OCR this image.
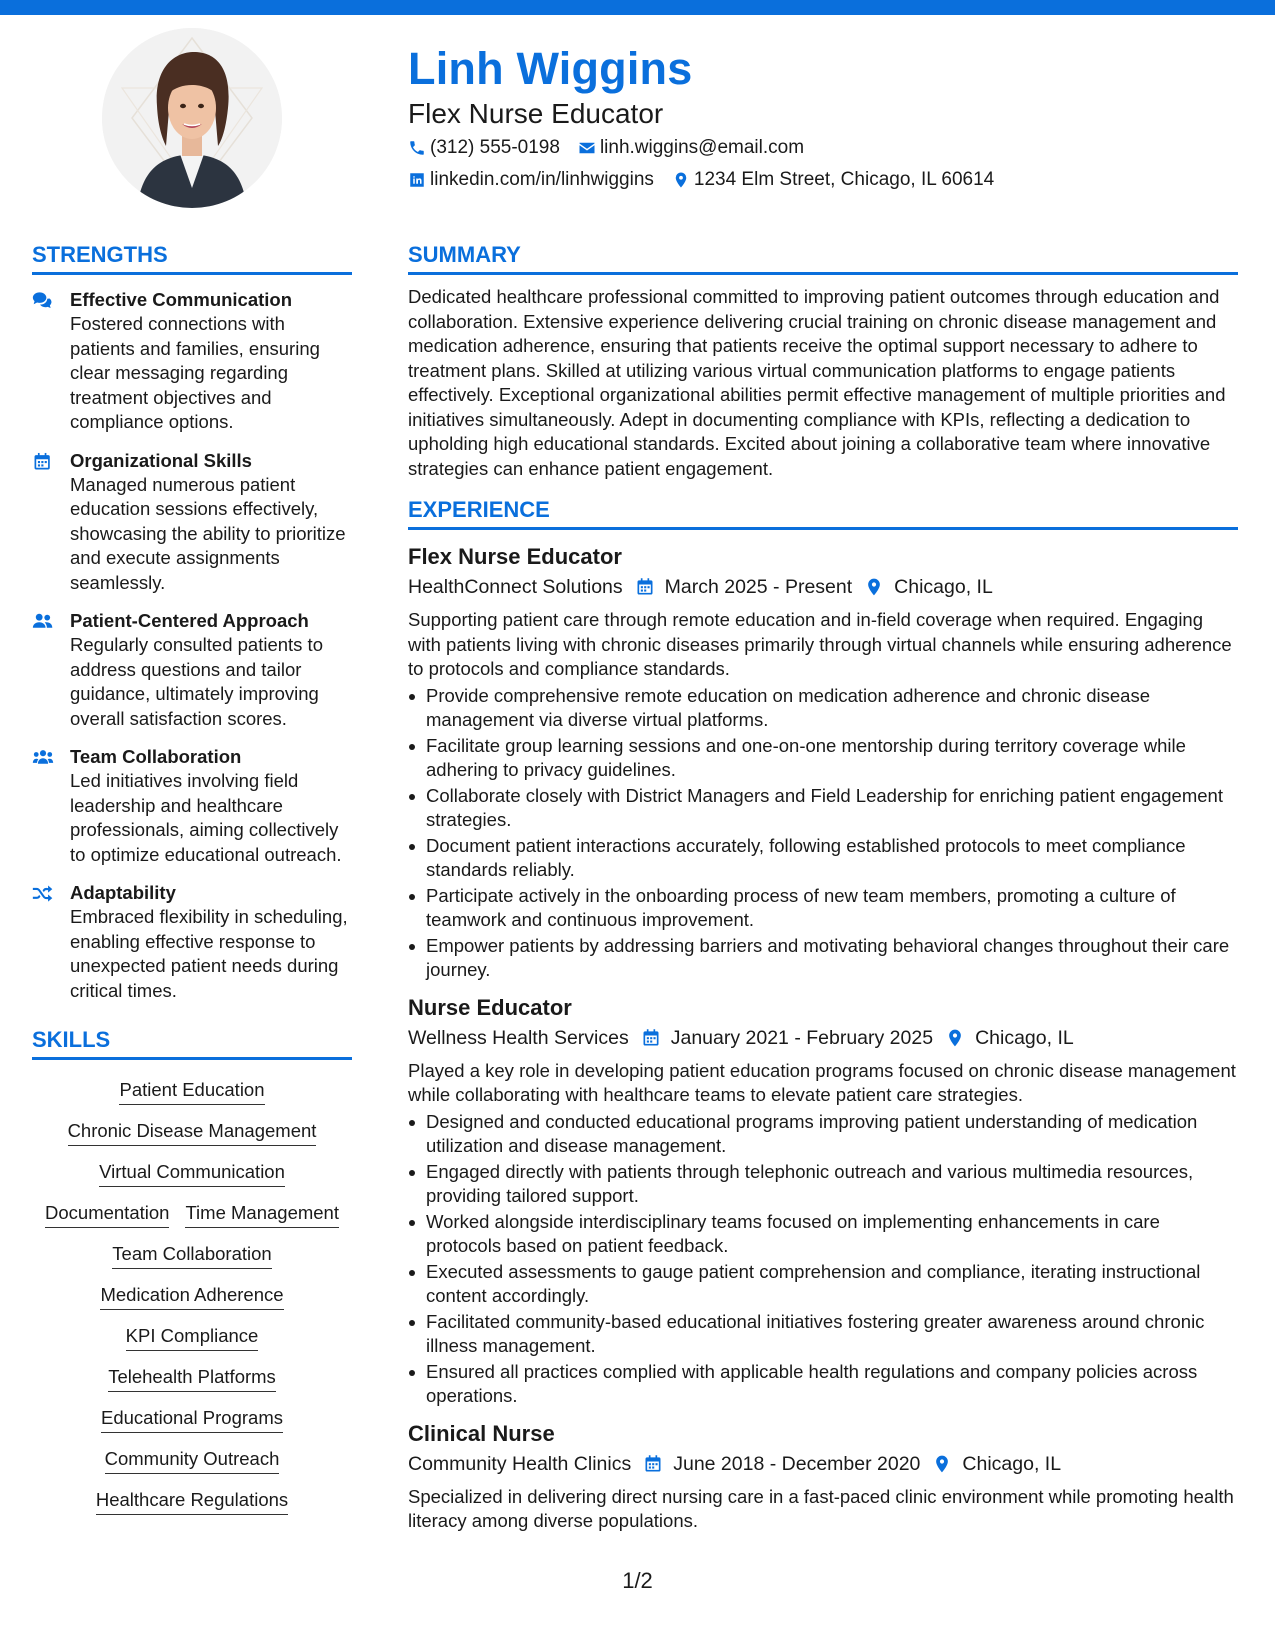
Linh Wiggins
Flex Nurse Educator
(312) 555-0198 linh.wiggins@email.com
linkedin.com/in/linhwiggins 1234 Elm Street, Chicago, IL 60614
STRENGTHS
Effective Communication
Fostered connections with patients and families, ensuring clear messaging regarding treatment objectives and compliance options.
Organizational Skills
Managed numerous patient education sessions effectively, showcasing the ability to prioritize and execute assignments seamlessly.
Patient-Centered Approach
Regularly consulted patients to address questions and tailor guidance, ultimately improving overall satisfaction scores.
Team Collaboration
Led initiatives involving field leadership and healthcare professionals, aiming collectively to optimize educational outreach.
Adaptability
Embraced flexibility in scheduling, enabling effective response to unexpected patient needs during critical times.
SKILLS
Patient Education
Chronic Disease Management
Virtual Communication
Documentation Time Management
Team Collaboration
Medication Adherence
KPI Compliance
Telehealth Platforms
Educational Programs
Community Outreach
Healthcare Regulations
SUMMARY
Dedicated healthcare professional committed to improving patient outcomes through education and collaboration. Extensive experience delivering crucial training on chronic disease management and medication adherence, ensuring that patients receive the optimal support necessary to adhere to treatment plans. Skilled at utilizing various virtual communication platforms to engage patients effectively. Exceptional organizational abilities permit effective management of multiple priorities and initiatives simultaneously. Adept in documenting compliance with KPIs, reflecting a dedication to upholding high educational standards. Excited about joining a collaborative team where innovative strategies can enhance patient engagement.
EXPERIENCE
Flex Nurse Educator
HealthConnect Solutions March 2025 - Present Chicago, IL
Supporting patient care through remote education and in-field coverage when required. Engaging with patients living with chronic diseases primarily through virtual channels while ensuring adherence to protocols and compliance standards.
Provide comprehensive remote education on medication adherence and chronic disease management via diverse virtual platforms.
Facilitate group learning sessions and one-on-one mentorship during territory coverage while adhering to privacy guidelines.
Collaborate closely with District Managers and Field Leadership for enriching patient engagement strategies.
Document patient interactions accurately, following established protocols to meet compliance standards reliably.
Participate actively in the onboarding process of new team members, promoting a culture of teamwork and continuous improvement.
Empower patients by addressing barriers and motivating behavioral changes throughout their care journey.
Nurse Educator
Wellness Health Services January 2021 - February 2025 Chicago, IL
Played a key role in developing patient education programs focused on chronic disease management while collaborating with healthcare teams to elevate patient care strategies.
Designed and conducted educational programs improving patient understanding of medication utilization and disease management.
Engaged directly with patients through telephonic outreach and various multimedia resources, providing tailored support.
Worked alongside interdisciplinary teams focused on implementing enhancements in care protocols based on patient feedback.
Executed assessments to gauge patient comprehension and compliance, iterating instructional content accordingly.
Facilitated community-based educational initiatives fostering greater awareness around chronic illness management.
Ensured all practices complied with applicable health regulations and company policies across operations.
Clinical Nurse
Community Health Clinics June 2018 - December 2020 Chicago, IL
Specialized in delivering direct nursing care in a fast-paced clinic environment while promoting health literacy among diverse populations.
1/2
